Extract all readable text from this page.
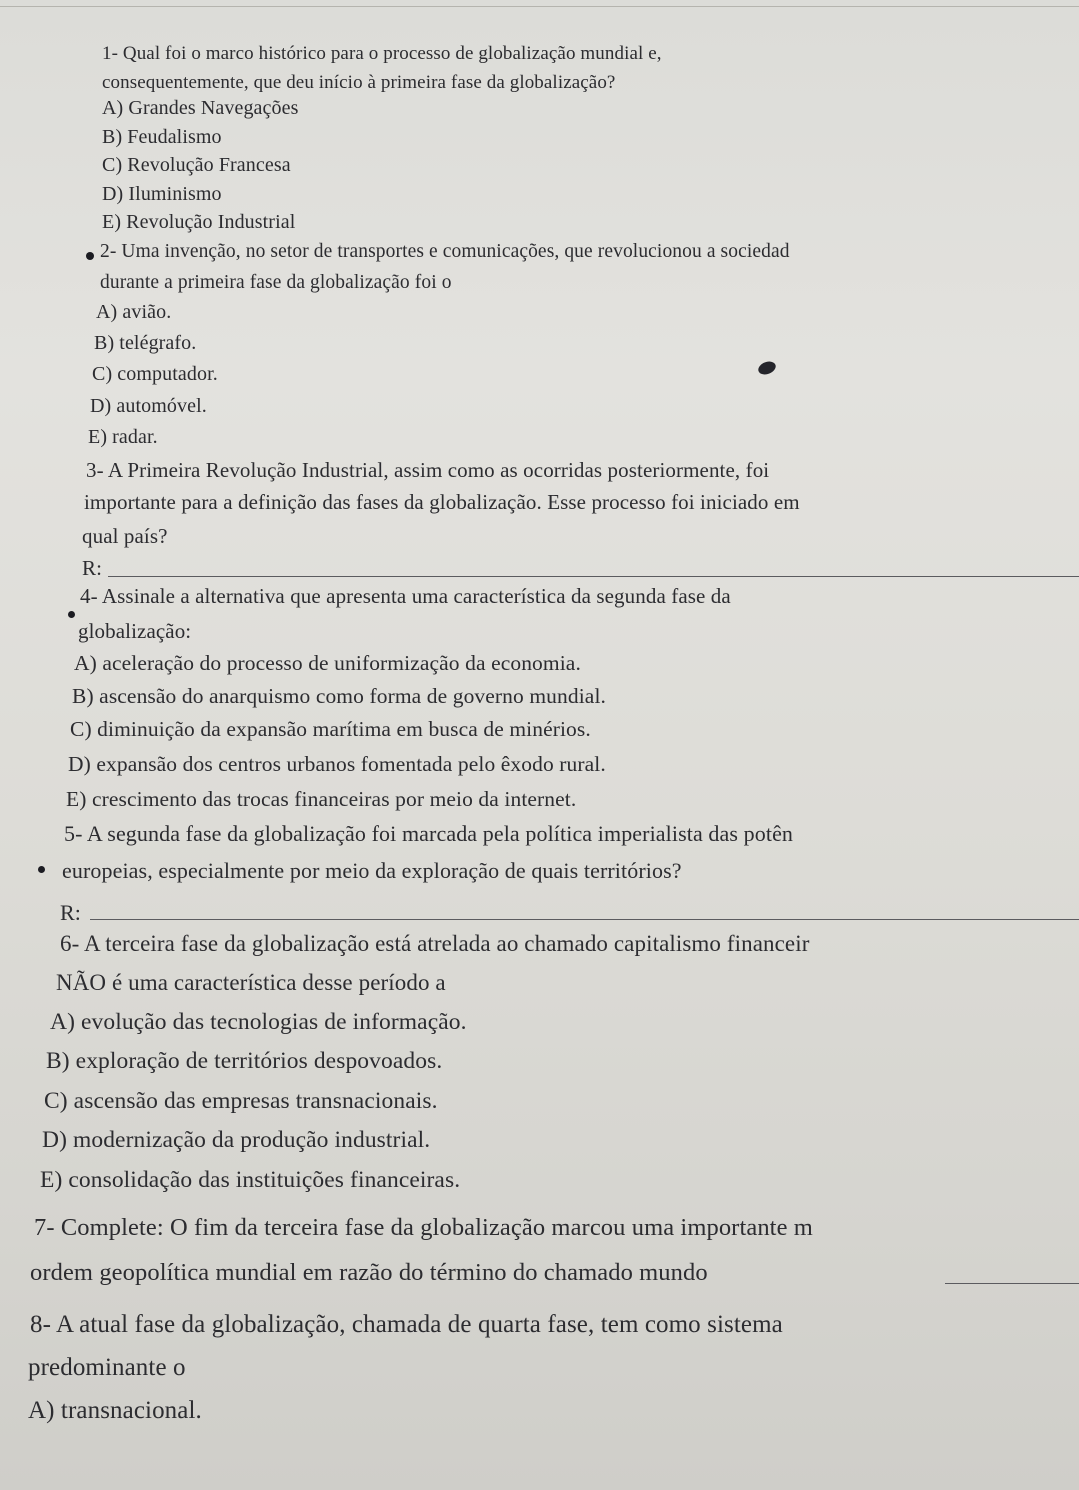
1- Qual foi o marco histórico para o processo de globalização mundial e,
consequentemente, que deu início à primeira fase da globalização?
A) Grandes Navegações
B) Feudalismo
C) Revolução Francesa
D) Iluminismo
E) Revolução Industrial
2- Uma invenção, no setor de transportes e comunicações, que revolucionou a sociedad
durante a primeira fase da globalização foi o
A) avião.
B) telégrafo.
C) computador.
D) automóvel.
E) radar.
3- A Primeira Revolução Industrial, assim como as ocorridas posteriormente, foi
importante para a definição das fases da globalização. Esse processo foi iniciado em
qual país?
R:
4- Assinale a alternativa que apresenta uma característica da segunda fase da
globalização:
A) aceleração do processo de uniformização da economia.
B) ascensão do anarquismo como forma de governo mundial.
C) diminuição da expansão marítima em busca de minérios.
D) expansão dos centros urbanos fomentada pelo êxodo rural.
E) crescimento das trocas financeiras por meio da internet.
5- A segunda fase da globalização foi marcada pela política imperialista das potên
europeias, especialmente por meio da exploração de quais territórios?
R:
6- A terceira fase da globalização está atrelada ao chamado capitalismo financeir
NÃO é uma característica desse período a
A) evolução das tecnologias de informação.
B) exploração de territórios despovoados.
C) ascensão das empresas transnacionais.
D) modernização da produção industrial.
E) consolidação das instituições financeiras.
7- Complete: O fim da terceira fase da globalização marcou uma importante m
ordem geopolítica mundial em razão do término do chamado mundo
8- A atual fase da globalização, chamada de quarta fase, tem como sistema
predominante o
A) transnacional.
